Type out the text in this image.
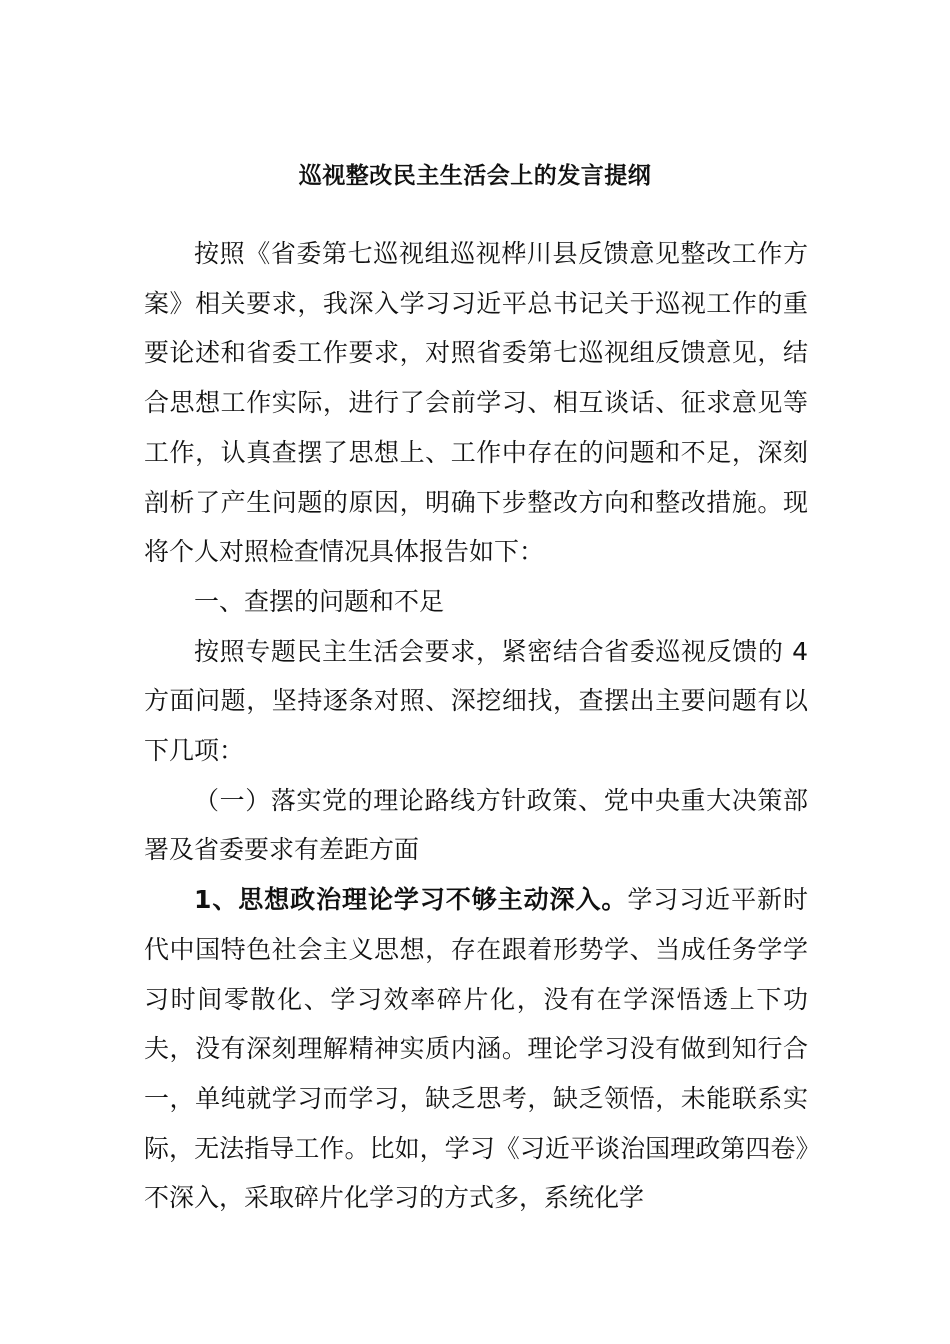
巡视整改民主生活会上的发言提纲

按照《省委第七巡视组巡视桦川县反馈意见整改工作方案》相关要求，我深入学习习近平总书记关于巡视工作的重要论述和省委工作要求，对照省委第七巡视组反馈意见，结合思想工作实际，进行了会前学习、相互谈话、征求意见等工作，认真查摆了思想上、工作中存在的问题和不足，深刻剖析了产生问题的原因，明确下步整改方向和整改措施。现将个人对照检查情况具体报告如下：

一、查摆的问题和不足

按照专题民主生活会要求，紧密结合省委巡视反馈的 4 方面问题，坚持逐条对照、深挖细找，查摆出主要问题有以下几项：

（一）落实党的理论路线方针政策、党中央重大决策部署及省委要求有差距方面

1、思想政治理论学习不够主动深入。学习习近平新时代中国特色社会主义思想，存在跟着形势学、当成任务学学习时间零散化、学习效率碎片化，没有在学深悟透上下功夫，没有深刻理解精神实质内涵。理论学习没有做到知行合一，单纯就学习而学习，缺乏思考，缺乏领悟，未能联系实际，无法指导工作。比如，学习《习近平谈治国理政第四卷》不深入，采取碎片化学习的方式多，系统化学
